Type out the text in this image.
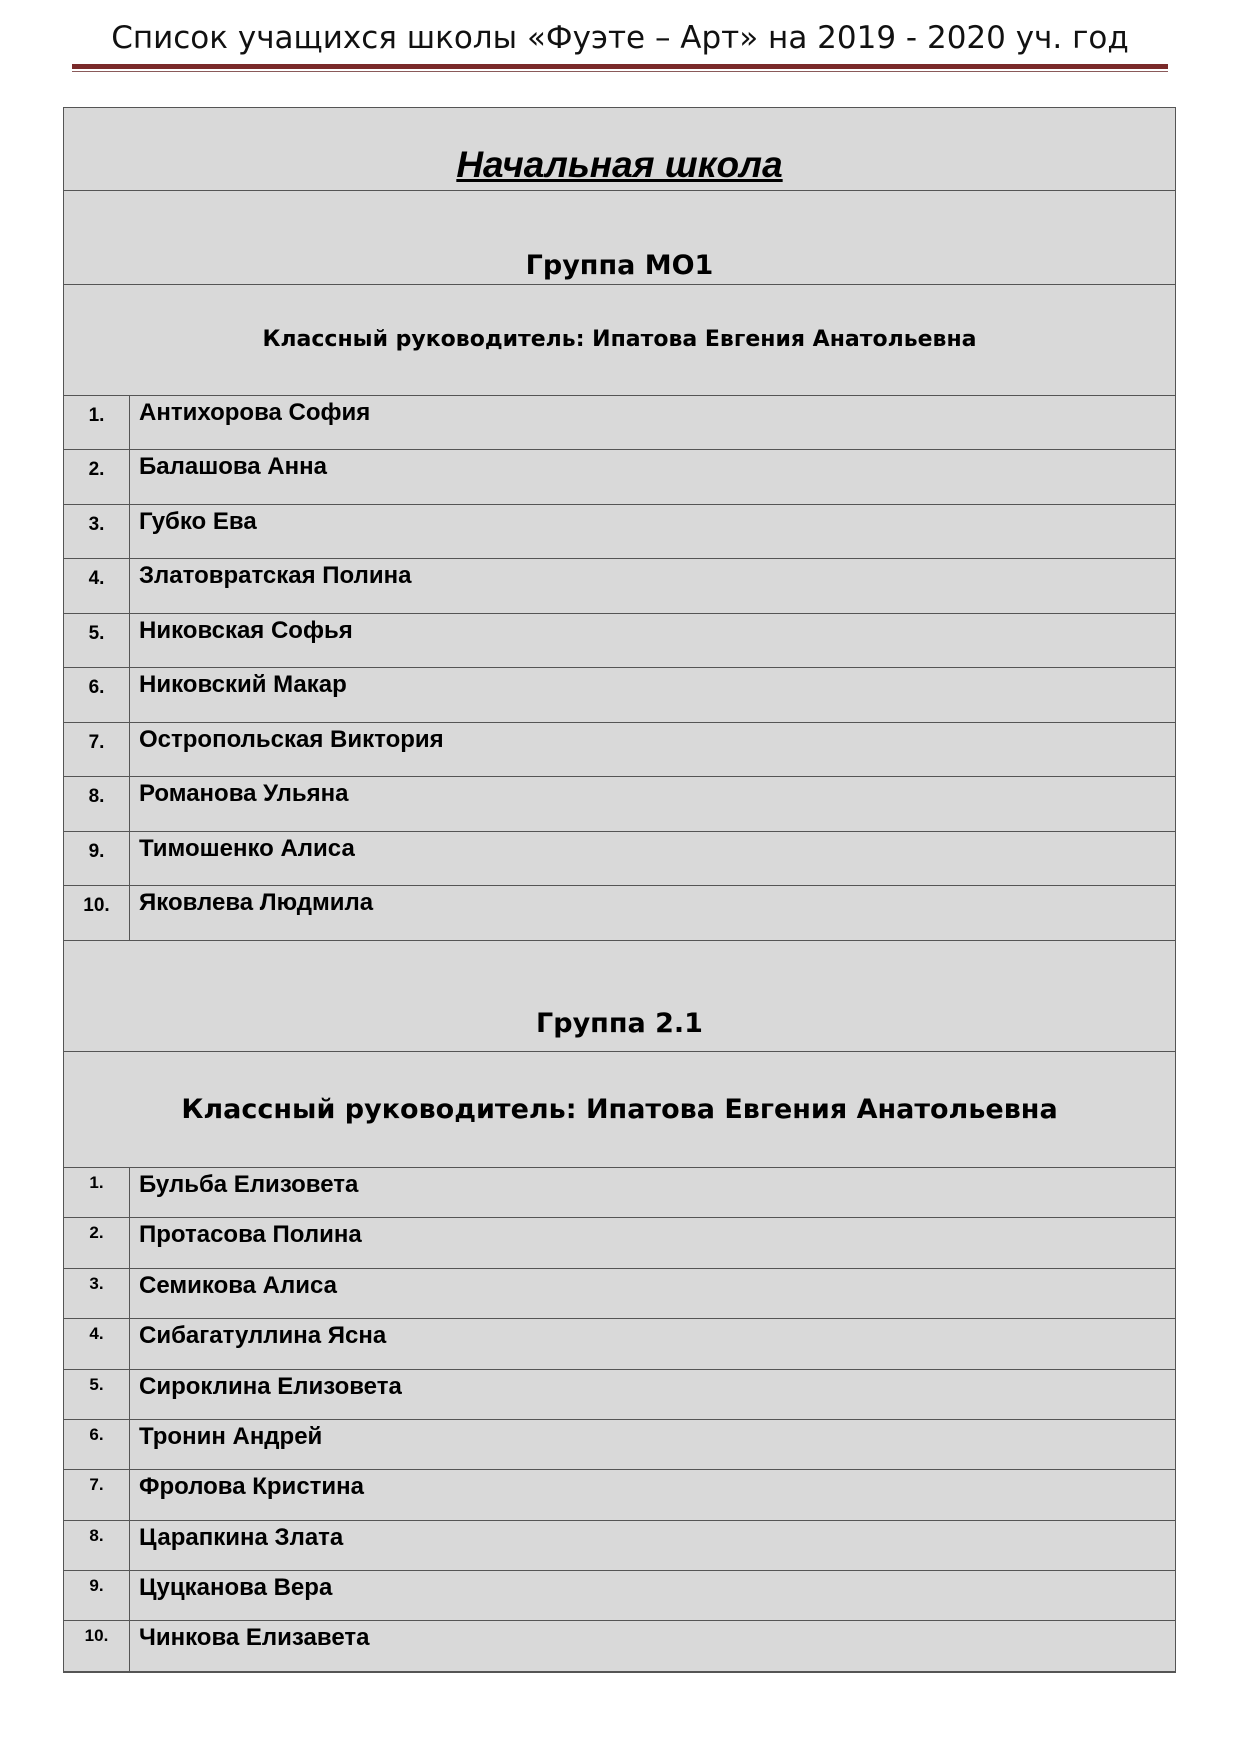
Список учащихся школы «Фуэте – Арт» на 2019 - 2020 уч. год
Начальная школа	
Группа МО1	
Классный руководитель: Ипатова Евгения Анатольевна	
1.	Антихорова София
2.	Балашова Анна
3.	Губко Ева
4.	Златовратская Полина
5.	Никовская Софья
6.	Никовский Макар
7.	Остропольская Виктория
8.	Романова Ульяна
9.	Тимошенко Алиса
10.	Яковлева Людмила
Группа 2.1	
Классный руководитель: Ипатова Евгения Анатольевна	
1.	Бульба Елизовета
2.	Протасова Полина
3.	Семикова Алиса
4.	Сибагатуллина Ясна
5.	Сироклина Елизовета
6.	Тронин Андрей
7.	Фролова Кристина
8.	Царапкина Злата
9.	Цуцканова Вера
10.	Чинкова Елизавета
